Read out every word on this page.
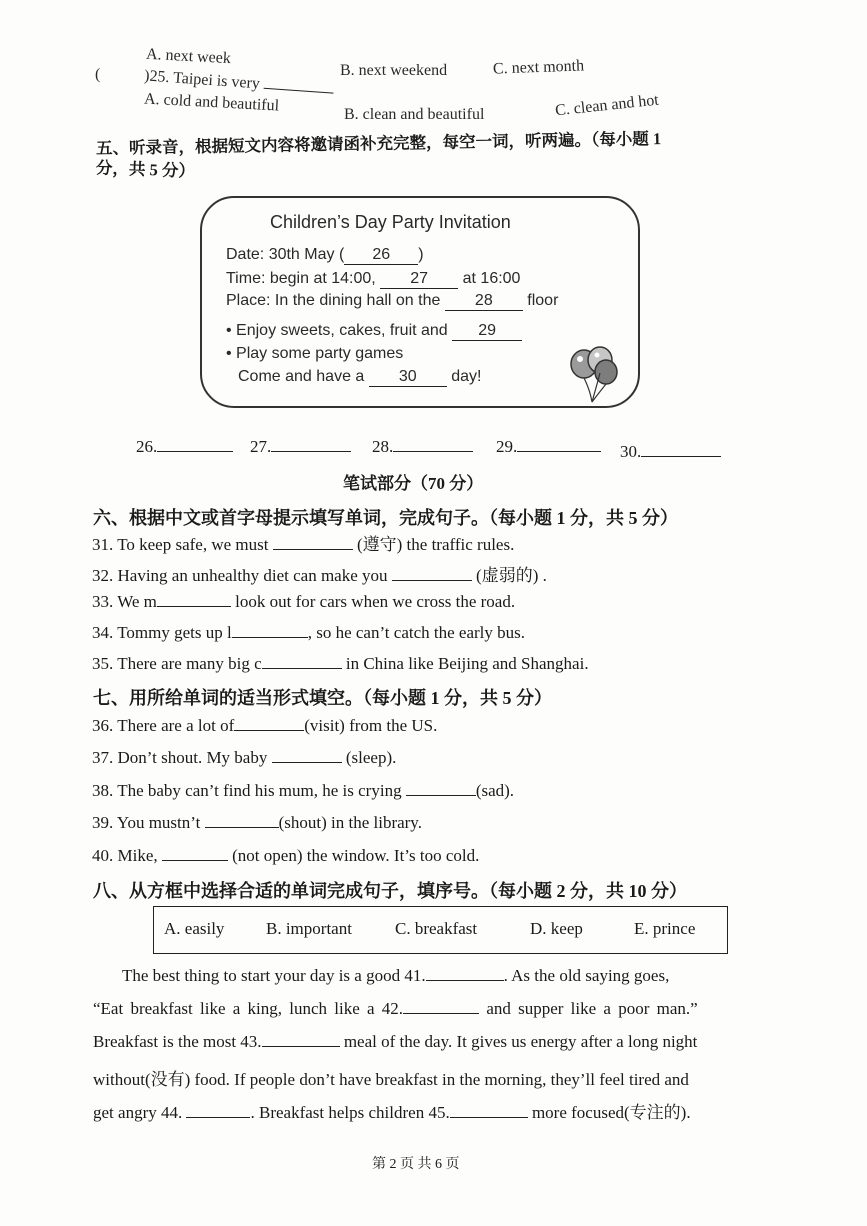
A. next week
B. next weekend	C. next month
(	)25. Taipei is very
A. cold and beautiful	B. clean and beautiful	C. clean and hot
五、听录音，根据短文内容将邀请函补充完整，每空一词，听两遍。（每小题 1
分，共 5 分）
Children’s Day Party Invitation
Date: 30th May ( 26 )
Time: begin at 14:00, 27 at 16:00
Place: In the dining hall on the 28 floor
• Enjoy sweets, cakes, fruit and 29
• Play some party games
Come and have a 30 day!
26.	27.	28.	29.	30.
笔试部分（70 分）
六、根据中文或首字母提示填写单词，完成句子。（每小题 1 分，共 5 分）
31. To keep safe, we must	(遵守) the traffic rules.
32. Having an unhealthy diet can make you	(虚弱的) .
33. We m	look out for cars when we cross the road.
34. Tommy gets up l	, so he can’t catch the early bus.
35. There are many big c	in China like Beijing and Shanghai.
七、用所给单词的适当形式填空。（每小题 1 分，共 5 分）
36. There are a lot of	(visit) from the US.
37. Don’t shout. My baby	(sleep).
38. The baby can’t find his mum, he is crying	(sad).
39. You mustn’t	(shout) in the library.
40. Mike,	(not open) the window. It’s too cold.
八、从方框中选择合适的单词完成句子，填序号。（每小题 2 分，共 10 分）
A. easily B. important	C. breakfast	D. keep	E. prince
The best thing to start your day is a good 41.	. As the old saying goes,
“Eat breakfast like a king, lunch like a 42.	and supper like a poor man.”
Breakfast is the most 43.	meal of the day. It gives us energy after a long night
without(没有) food. If people don’t have breakfast in the morning, they’ll feel tired and
get angry 44.	. Breakfast helps children 45.	more focused(专注的).
第 2 页 共 6 页
